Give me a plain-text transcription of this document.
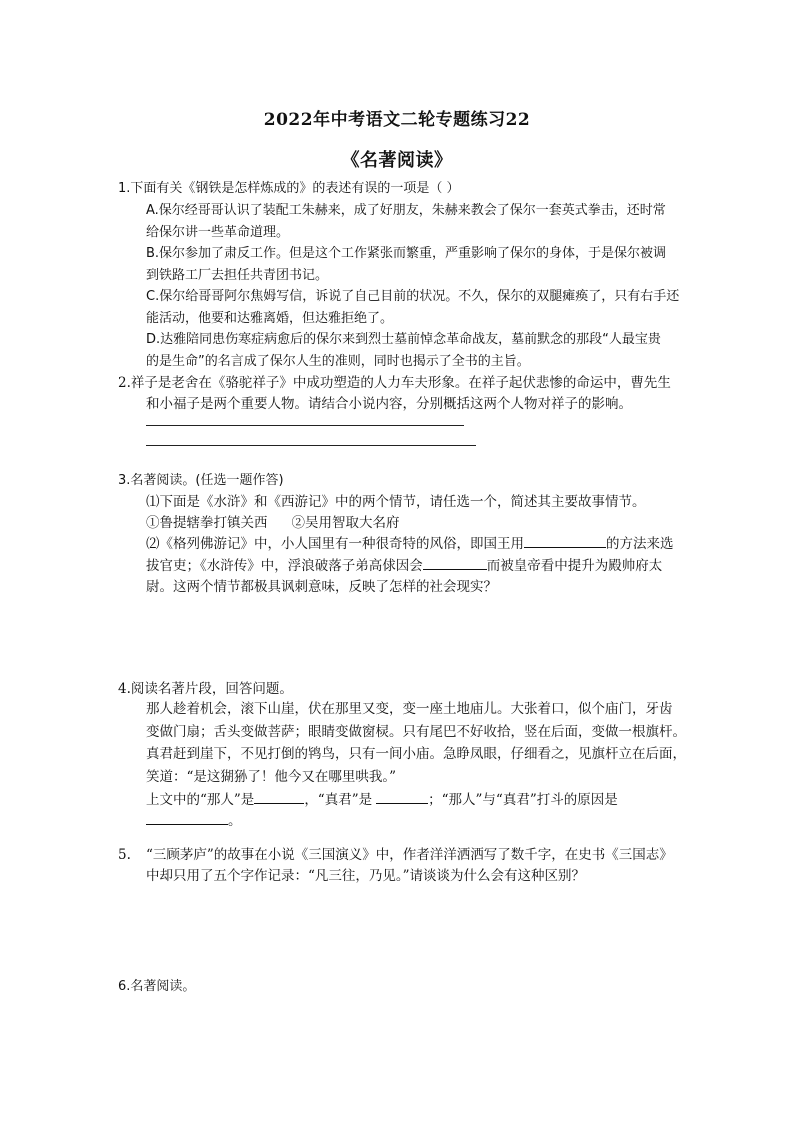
2022年中考语文二轮专题练习22
《名著阅读》
1.下面有关《钢铁是怎样炼成的》的表述有误的一项是（ ）
A.保尔经哥哥认识了装配工朱赫来，成了好朋友，朱赫来教会了保尔一套英式拳击，还时常
给保尔讲一些革命道理。
B.保尔参加了肃反工作。但是这个工作紧张而繁重，严重影响了保尔的身体，于是保尔被调
到铁路工厂去担任共青团书记。
C.保尔给哥哥阿尔焦姆写信，诉说了自己目前的状况。不久，保尔的双腿瘫痪了，只有右手还
能活动，他要和达雅离婚，但达雅拒绝了。
D.达雅陪同患伤寒症病愈后的保尔来到烈士墓前悼念革命战友，墓前默念的那段“人最宝贵
的是生命”的名言成了保尔人生的准则，同时也揭示了全书的主旨。
2.祥子是老舍在《骆驼祥子》中成功塑造的人力车夫形象。在祥子起伏悲惨的命运中，曹先生
和小福子是两个重要人物。请结合小说内容，分别概括这两个人物对祥子的影响。
3.名著阅读。(任选一题作答)
⑴下面是《水浒》和《西游记》中的两个情节，请任选一个，简述其主要故事情节。
①鲁提辖拳打镇关西 ②吴用智取大名府
⑵《格列佛游记》中，小人国里有一种很奇特的风俗，即国王用	的方法来选
拔官吏；《水浒传》中，浮浪破落子弟高俅因会	而被皇帝看中提升为殿帅府太
尉。这两个情节都极具讽刺意味，反映了怎样的社会现实？
4.阅读名著片段，回答问题。
那人趁着机会，滚下山崖，伏在那里又变，变一座土地庙儿。大张着口，似个庙门，牙齿
变做门扇；舌头变做菩萨；眼睛变做窗棂。只有尾巴不好收拾，竖在后面，变做一根旗杆。
真君赶到崖下，不见打倒的鸨鸟，只有一间小庙。急睁凤眼，仔细看之，见旗杆立在后面，
笑道：“是这猢狲了！他今又在哪里哄我。”
上文中的“那人”是	，“真君”是	；“那人”与“真君”打斗的原因是
。
5. “三顾茅庐”的故事在小说《三国演义》中，作者洋洋洒洒写了数千字，在史书《三国志》
中却只用了五个字作记录：“凡三往，乃见。”请谈谈为什么会有这种区别？
6.名著阅读。
